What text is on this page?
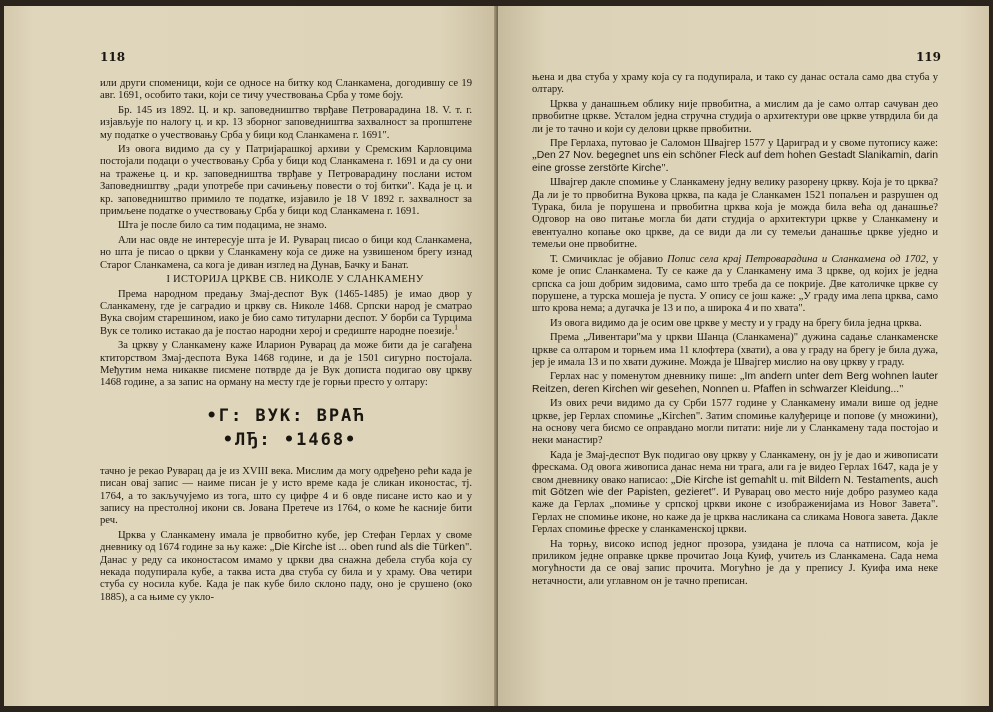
118

или други споменици, који се односе на битку код Сланкамена, догодившу се 19 авг. 1691, особито таки, који се тичу учествовања Срба у томе боју.

Бр. 145 из 1892. Ц. и кр. заповедништво тврђаве Петроварадина 18. V. т. г. изјављује по налогу ц. и кр. 13 зборног заповедништва захвалност за пропштене му податке о учествовању Срба у бици код Сланкамена г. 1691".

Из овога видимо да су у Патријарашкој архиви у Сремским Карловцима постојали подаци о учествовању Срба у бици код Сланкамена г. 1691 и да су они на тражење ц. и кр. заповедништва тврђаве у Петроварадину послани истом Заповедништву „ради употребе при сачињењу повести о тој битки". Када је ц. и кр. заповедништво примило те податке, изјавило је 18 V 1892 г. захвалност за примљене податке о учествовању Срба у бици код Сланкамена г. 1691.

Шта је после било са тим подацима, не знамо.

Али нас овде не интересује шта је И. Руварац писао о бици код Сланкамена, но шта је писао о цркви у Сланкамену која се диже на узвишеном брегу изнад Старог Сланкамена, са кога је диван изглед на Дунав, Бачку и Банат.

I ИСТОРИЈА ЦРКВЕ СВ. НИКОЛЕ У СЛАНКАМЕНУ

Према народном предању Змај-деспот Вук (1465-1485) је имао двор у Сланкамену, где је саградио и цркву св. Николе 1468. Српски народ је сматрао Вука својим старешином, иако је био само титуларни деспот. У борби са Турцима Вук се толико истакао да је постао народни херој и средиште народне поезије.$^1$

За цркву у Сланкамену каже Иларион Руварац да може бити да је сагађена ктиторством Змај-деспота Вука 1468 године, и да је 1501 сигурно постојала. Међутим нема никакве писмене потврде да је Вук дописта подигао ову цркву 1468 године, а за запис на орману на месту где је горњи престо у олтару:

•Г: ВУК: ВРАЋ
•ЛЂ: •1468•

тачно је рекао Руварац да је из XVIII века. Мислим да могу одређено рећи када је писан овај запис — наиме писан је у исто време када је сликан иконостас, тј. 1764, а то закључујемо из тога, што су цифре 4 и 6 овде писане исто као и у запису на престолној икони св. Јована Претече из 1764, о коме ће касније бити реч.

Црква у Сланкамену имала је првобитно кубе, јер Стефан Герлах у своме дневнику од 1674 године за њу каже: „Die Kirche ist ... oben rund als die Türken". Данас у реду са иконостасом имамо у цркви два снажна дебела стуба која су некада подупирала кубе, а таква иста два стуба су била и у храму. Ова четири стуба су носила кубе. Када је пак кубе било склоно паду, оно је срушено (око 1885), а са њиме су укло-

119

њена и два стуба у храму која су га подупирала, и тако су данас остала само два стуба у олтару.

Црква у данашњем облику није првобитна, а мислим да је само олтар сачуван део првобитне цркве. Усталом једна стручна студија о архитектури ове цркве утврдила би да ли је то тачно и који су делови цркве првобитни.

Пре Герлаха, путовао је Саломон Швајгер 1577 у Цариград и у своме путопису каже: „Den 27 Nov. begegnet uns ein schöner Fleck auf dem hohen Gestadt Slanikamin, darin eine grosse zerstörte Kirche".

Швајгер дакле спомиње у Сланкамену једну велику разорену цркву. Која је то црква? Да ли је то првобитна Вукова црква, па када је Сланкамен 1521 попаљен и разрушен од Турака, била је порушена и првобитна црква која је можда била већа од данашње? Одговор на ово питање могла би дати студија о архитектури цркве у Сланкамену и евентуално копање око цркве, да се види да ли су темељи данашње цркве уједно и темељи оне првобитне.

Т. Смичиклас је објавио Попис села крај Петроварадина и Сланкамена од 1702, у коме је опис Сланкамена. Ту се каже да у Сланкамену има 3 цркве, од којих је једна српска са још добрим зидовима, само што треба да се покрије. Две католичке цркве су порушене, а турска мошеја је пуста. У опису се још каже: „У граду има лепа црква, само што крова нема; а дугачка је 13 и по, а широка 4 и по хвата".

Из овога видимо да је осим ове цркве у месту и у граду на брегу била једна црква.

Према „Ливентари"ма у цркви Шанца (Сланкамена)" дужина садање сланкаменске цркве са олтаром и торњем има 11 клофтера (хвати), а ова у граду на брегу је била дужа, јер је имала 13 и по хвати дужине. Можда је Швајгер мислио на ову цркву у граду.

Герлах нас у поменутом дневнику пише: „Im andern unter dem Berg wohnen lauter Reitzen, deren Kirchen wir gesehen, Nonnen u. Pfaffen in schwarzer Kleidung..."

Из ових речи видимо да су Срби 1577 године у Сланкамену имали више од једне цркве, јер Герлах спомиње „Kirchen". Затим спомиње калуђерице и попове (у множини), на основу чега бисмо се оправдано могли питати: није ли у Сланкамену тада постојао и неки манастир?

Када је Змај-деспот Вук подигао ову цркву у Сланкамену, он ју је дао и живописати фрескама. Од овога живописа данас нема ни трага, али га је видео Герлах 1647, када је у свом дневнику овако написао: „Die Kirche ist gemahlt u. mit Bildern N. Testaments, auch mit Götzen wie der Papisten, gezieret". И Руварац ово место није добро разумео када каже да Герлах „помиње у српској цркви иконе с изображенијама из Новог Завета". Герлах не спомиње иконе, но каже да је црква насликана са сликама Новога завета. Дакле Герлах спомиње фреске у сланкаменској цркви.

На торњу, високо испод једног прозора, узидана је плоча са натписом, која је приликом једне оправке цркве прочитао Јоца Куиф, учитељ из Сланкамена. Сада нема могућности да се овај запис прочита. Могућно је да у препису J. Куифа има неке нетачности, али углавном он је тачно преписан.
